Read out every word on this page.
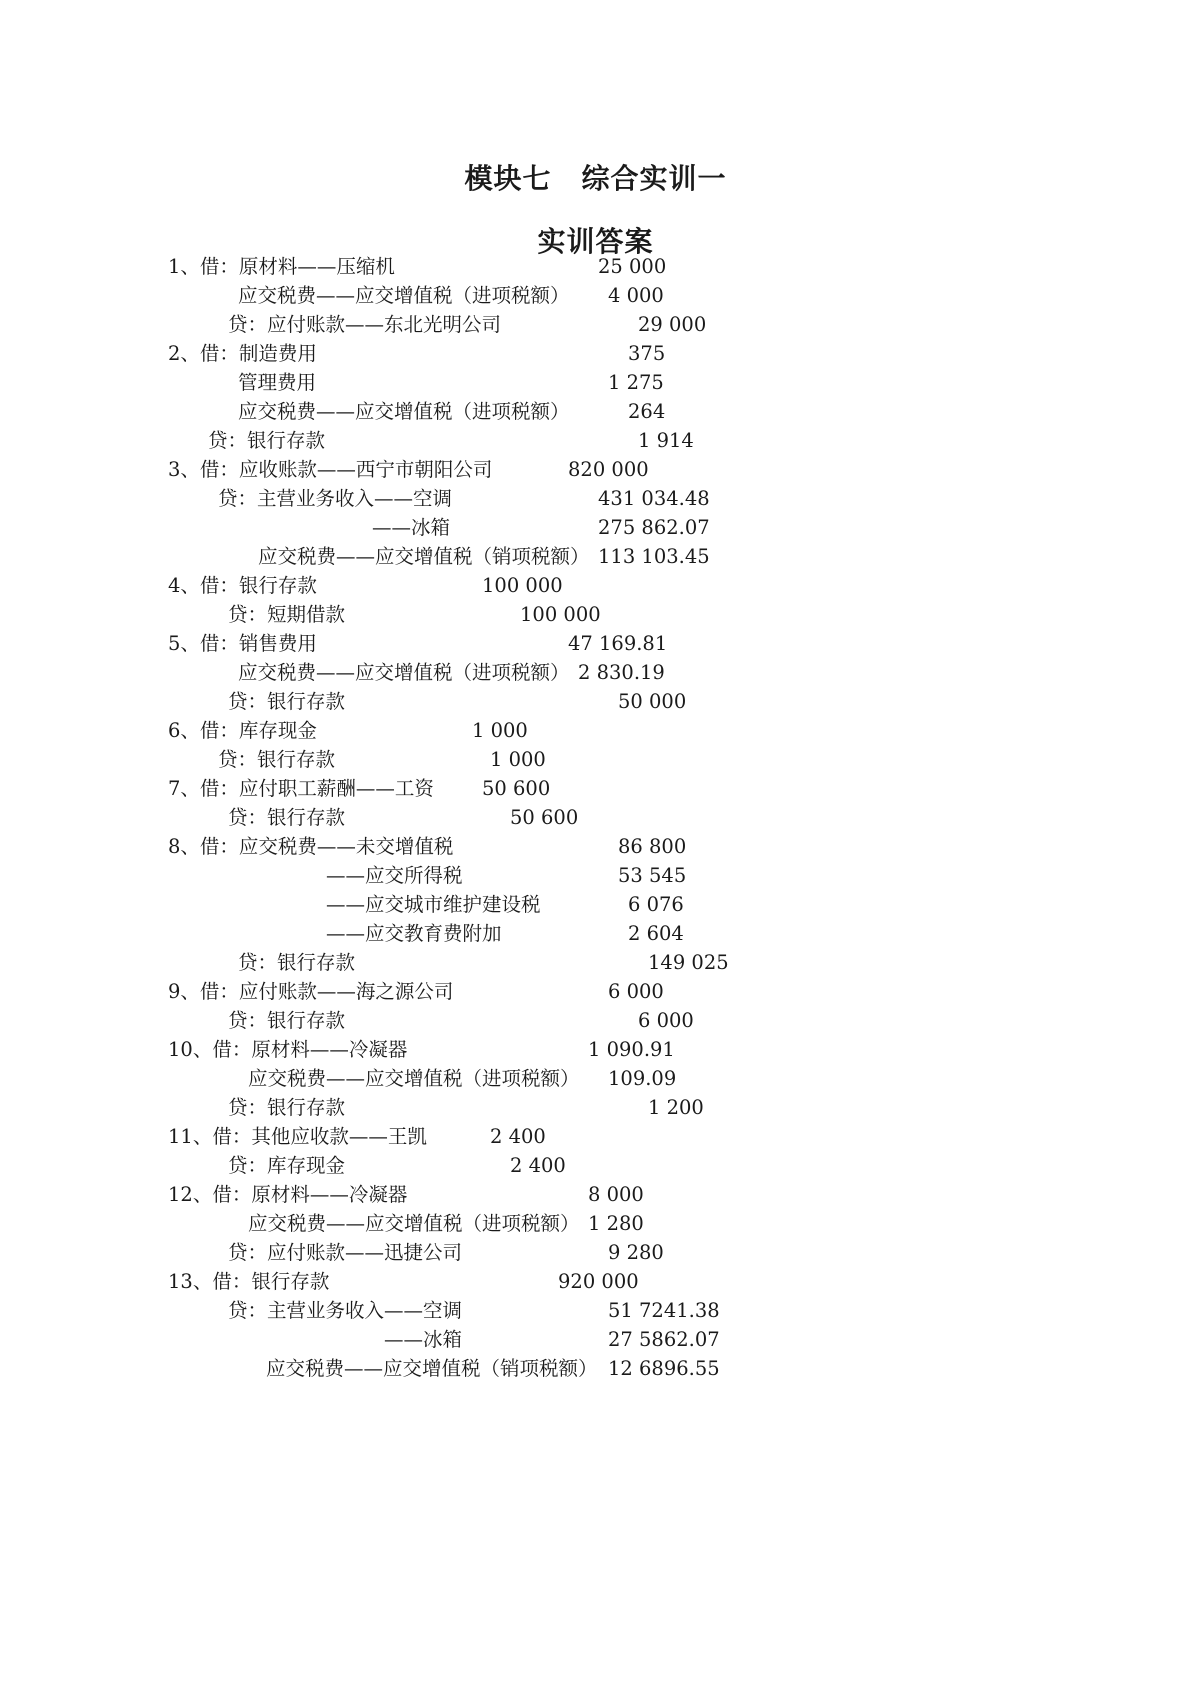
模块七 综合实训一
实训答案
1、借：原材料——压缩机	25 000
应交税费——应交增值税（进项税额） 4 000
贷：应付账款——东北光明公司	29 000
2、借：制造费用	375
管理费用	1 275
应交税费——应交增值税（进项税额）	264
贷：银行存款	1 914
3、借：应收账款——西宁市朝阳公司	820 000
贷：主营业务收入——空调	431 034.48
——冰箱	275 862.07
应交税费——应交增值税（销项税额） 113 103.45
4、借：银行存款	100 000
贷：短期借款	100 000
5、借：销售费用	47 169.81
应交税费——应交增值税（进项税额） 2 830.19
贷：银行存款	50 000
6、借：库存现金	1 000
贷：银行存款	1 000
7、借：应付职工薪酬——工资 50 600
贷：银行存款	50 600
8、借：应交税费——未交增值税	86 800
——应交所得税	53 545
——应交城市维护建设税	6 076
——应交教育费附加	2 604
贷：银行存款	149 025
9、借：应付账款——海之源公司	6 000
贷：银行存款	6 000
10、借：原材料——冷凝器	1 090.91
应交税费——应交增值税（进项税额） 109.09
贷：银行存款	1 200
11、借：其他应收款——王凯	2 400
贷：库存现金	2 400
12、借：原材料——冷凝器	8 000
应交税费——应交增值税（进项税额） 1 280
贷：应付账款——迅捷公司	9 280
13、借：银行存款	920 000
贷：主营业务收入——空调	51 7241.38
——冰箱	27 5862.07
应交税费——应交增值税（销项税额） 12 6896.55
